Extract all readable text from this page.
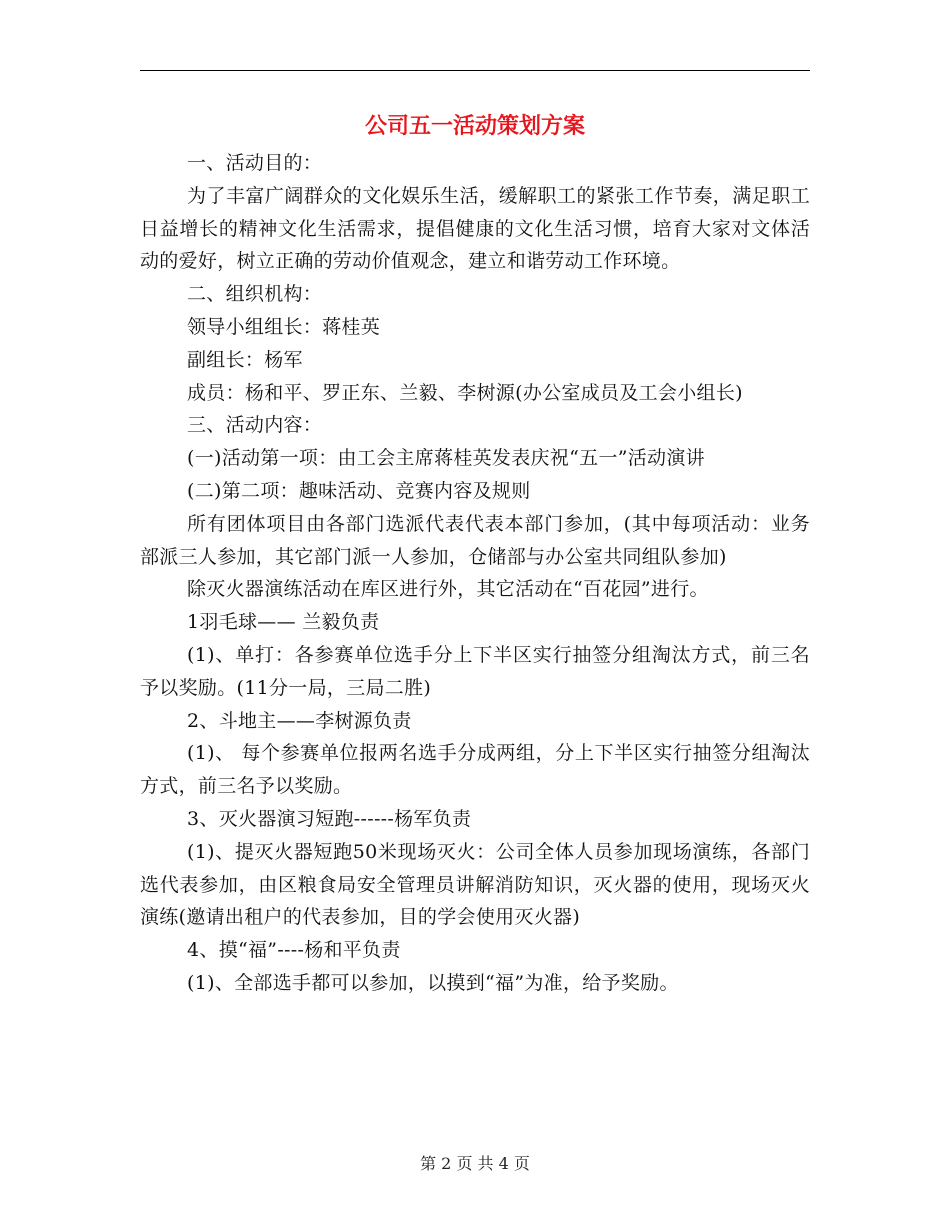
公司五一活动策划方案

一、活动目的：

为了丰富广阔群众的文化娱乐生活，缓解职工的紧张工作节奏，满足职工日益增长的精神文化生活需求，提倡健康的文化生活习惯，培育大家对文体活动的爱好，树立正确的劳动价值观念，建立和谐劳动工作环境。

二、组织机构：

领导小组组长：蒋桂英

副组长：杨军

成员：杨和平、罗正东、兰毅、李树源(办公室成员及工会小组长)

三、活动内容：

(一)活动第一项：由工会主席蒋桂英发表庆祝“五一”活动演讲

(二)第二项：趣味活动、竞赛内容及规则

所有团体项目由各部门选派代表代表本部门参加，(其中每项活动：业务部派三人参加，其它部门派一人参加，仓储部与办公室共同组队参加)

除灭火器演练活动在库区进行外，其它活动在“百花园”进行。

1羽毛球—— 兰毅负责

(1)、单打：各参赛单位选手分上下半区实行抽签分组淘汰方式，前三名予以奖励。(11分一局，三局二胜)

2、斗地主——李树源负责

(1)、 每个参赛单位报两名选手分成两组，分上下半区实行抽签分组淘汰方式，前三名予以奖励。

3、灭火器演习短跑------杨军负责

(1)、提灭火器短跑50米现场灭火：公司全体人员参加现场演练，各部门选代表参加，由区粮食局安全管理员讲解消防知识，灭火器的使用，现场灭火演练(邀请出租户的代表参加，目的学会使用灭火器)

4、摸“福”----杨和平负责

(1)、全部选手都可以参加，以摸到“福”为准，给予奖励。

第 2 页 共 4 页
